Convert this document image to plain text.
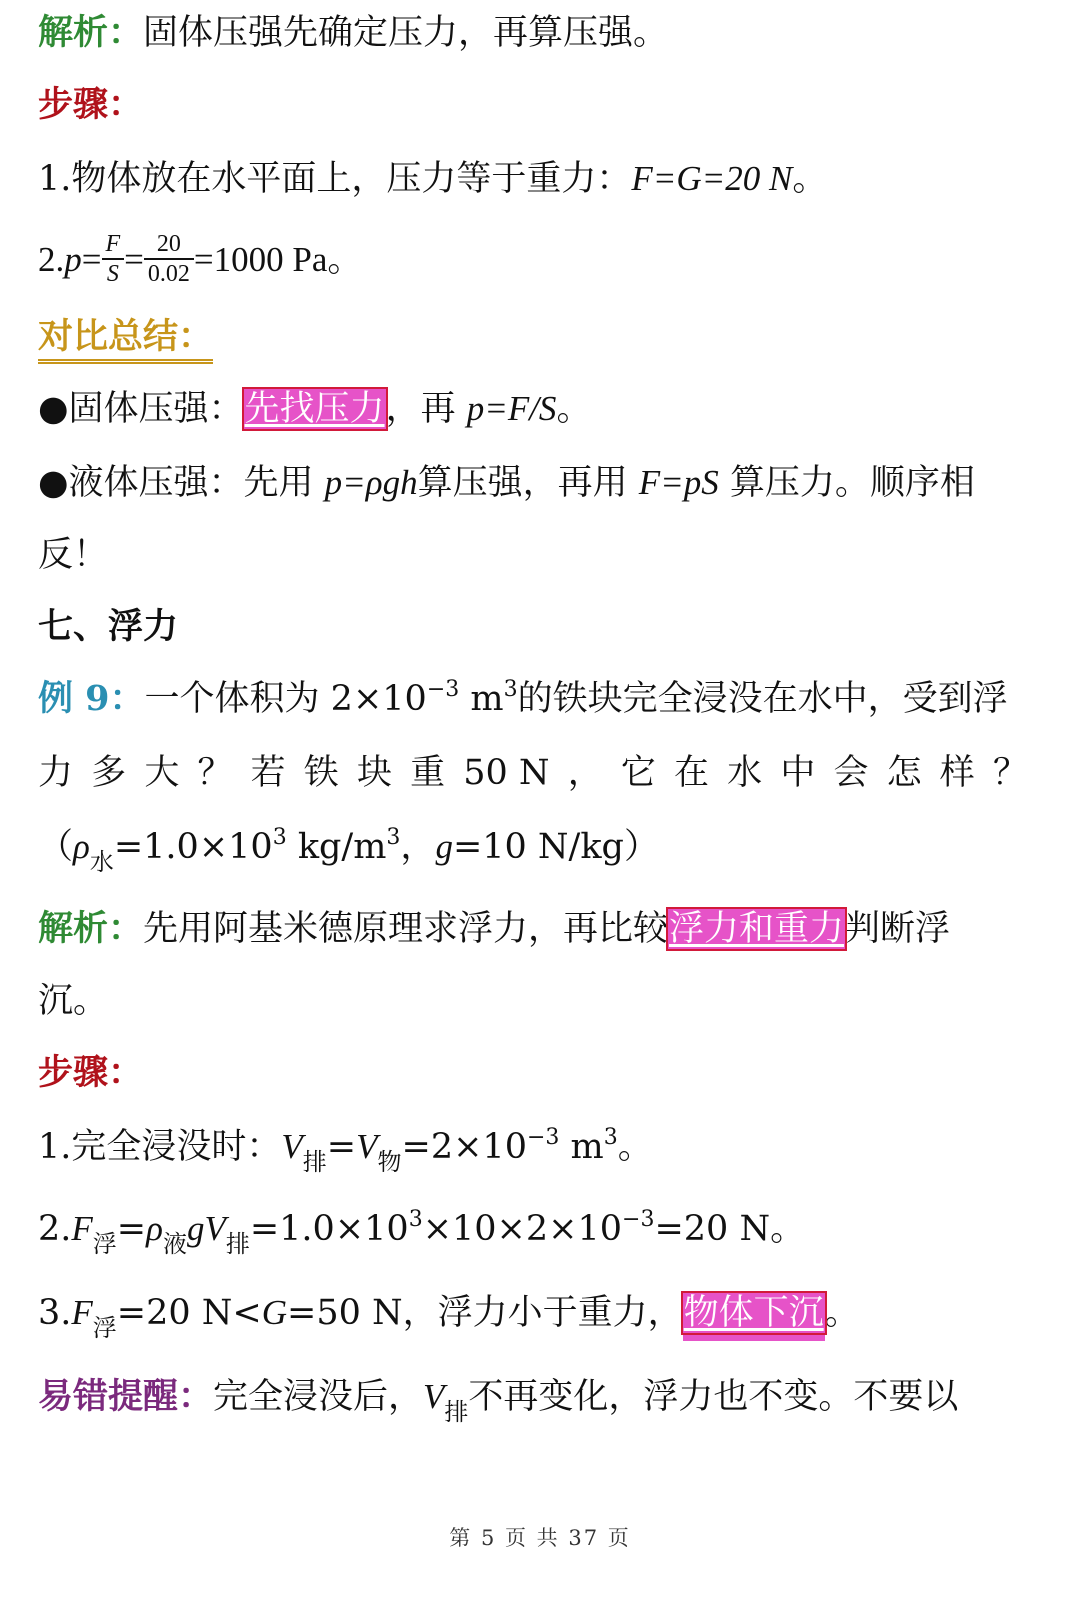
解析：固体压强先确定压力，再算压强。
步骤：
1.物体放在水平面上，压力等于重力：F=G=20 N。
$2.p= \frac{F}{S} = \frac{20}{0.02} =1000$ Pa。
对比总结：
●固体压强：先找压力，再 p=F/S。
●液体压强：先用 p=ρgh算压强，再用 F=pS 算压力。顺序相
反！
七、浮力
例 9：一个体积为 $2\times 10^{-3}$ $m^3$的铁块完全浸没在水中，受到浮
力 多 大 ？ 若 铁 块 重 50 N ， 它 在 水 中 会 怎 样 ？
（$\rho_水=1.0\times 10^3$ $kg/m^3$，g=10 N/kg）
解析：先用阿基米德原理求浮力，再比较浮力和重力判断浮
沉。
步骤：
1.完全浸没时：$V_排=V_物=2\times 10^{-3}$ $m^3$。
$2.F_浮=\rho_液gV_排=1.0\times 10^3\times 10\times 2\times 10^{-3}=20$ N。
$3.F_浮=20$ N<G=50 N，浮力小于重力，物体下沉。
易错提醒：完全浸没后，$V_排$不再变化，浮力也不变。不要以
第 5 页 共 37 页
